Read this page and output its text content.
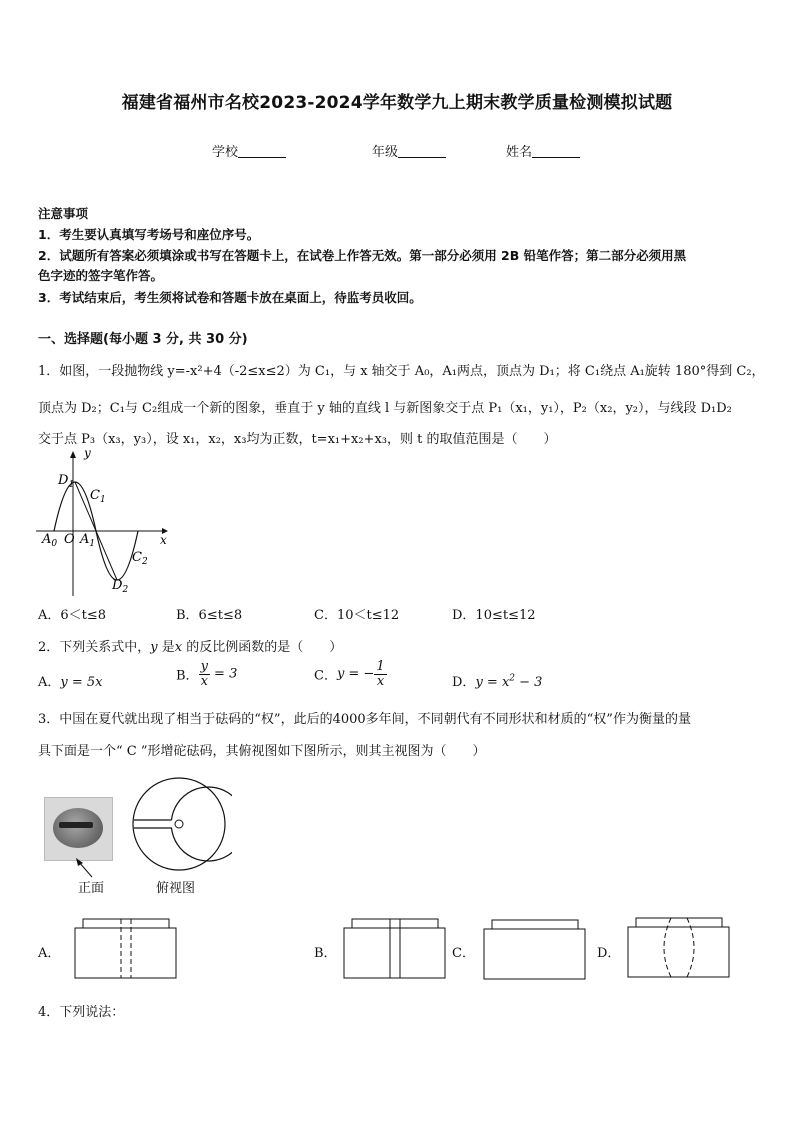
福建省福州市名校2023-2024学年数学九上期末教学质量检测模拟试题
学校	年级	姓名
注意事项
1．考生要认真填写考场号和座位序号。
2．试题所有答案必须填涂或书写在答题卡上，在试卷上作答无效。第一部分必须用 2B 铅笔作答；第二部分必须用黑
色字迹的签字笔作答。
3．考试结束后，考生须将试卷和答题卡放在桌面上，待监考员收回。
一、选择题(每小题 3 分, 共 30 分)
1．如图，一段抛物线 y=-x²+4（-2≤x≤2）为 C₁，与 x 轴交于 A₀，A₁两点，顶点为 D₁；将 C₁绕点 A₁旋转 180°得到 C₂，
顶点为 D₂；C₁与 C₂组成一个新的图象，垂直于 y 轴的直线 l 与新图象交于点 P₁（x₁，y₁），P₂（x₂，y₂），与线段 D₁D₂
交于点 P₃（x₃，y₃），设 x₁，x₂，x₃均为正数，t=x₁+x₂+x₃，则 t 的取值范围是（　　）
y
x
$D_1$
$C_1$
$A_0$ O $A_1$
$C_2$
$D_2$
A．6＜t≤8	B．6≤t≤8	C．10＜t≤12	D．10≤t≤12
2．下列关系式中，y 是x 的反比例函数的是（　　）
A．y = 5x	B． $\frac{y}{x} = 3$	C．y = − $\frac{1}{x}$	D．$y = x^2 - 3$
3．中国在夏代就出现了相当于砝码的“权”，此后的4000多年间，不同朝代有不同形状和材质的“权”作为衡量的量
具下面是一个“ C ”形增砣砝码，其俯视图如下图所示，则其主视图为（　　）
正面	俯视图
A．	B．	C．	D．
4．下列说法：
